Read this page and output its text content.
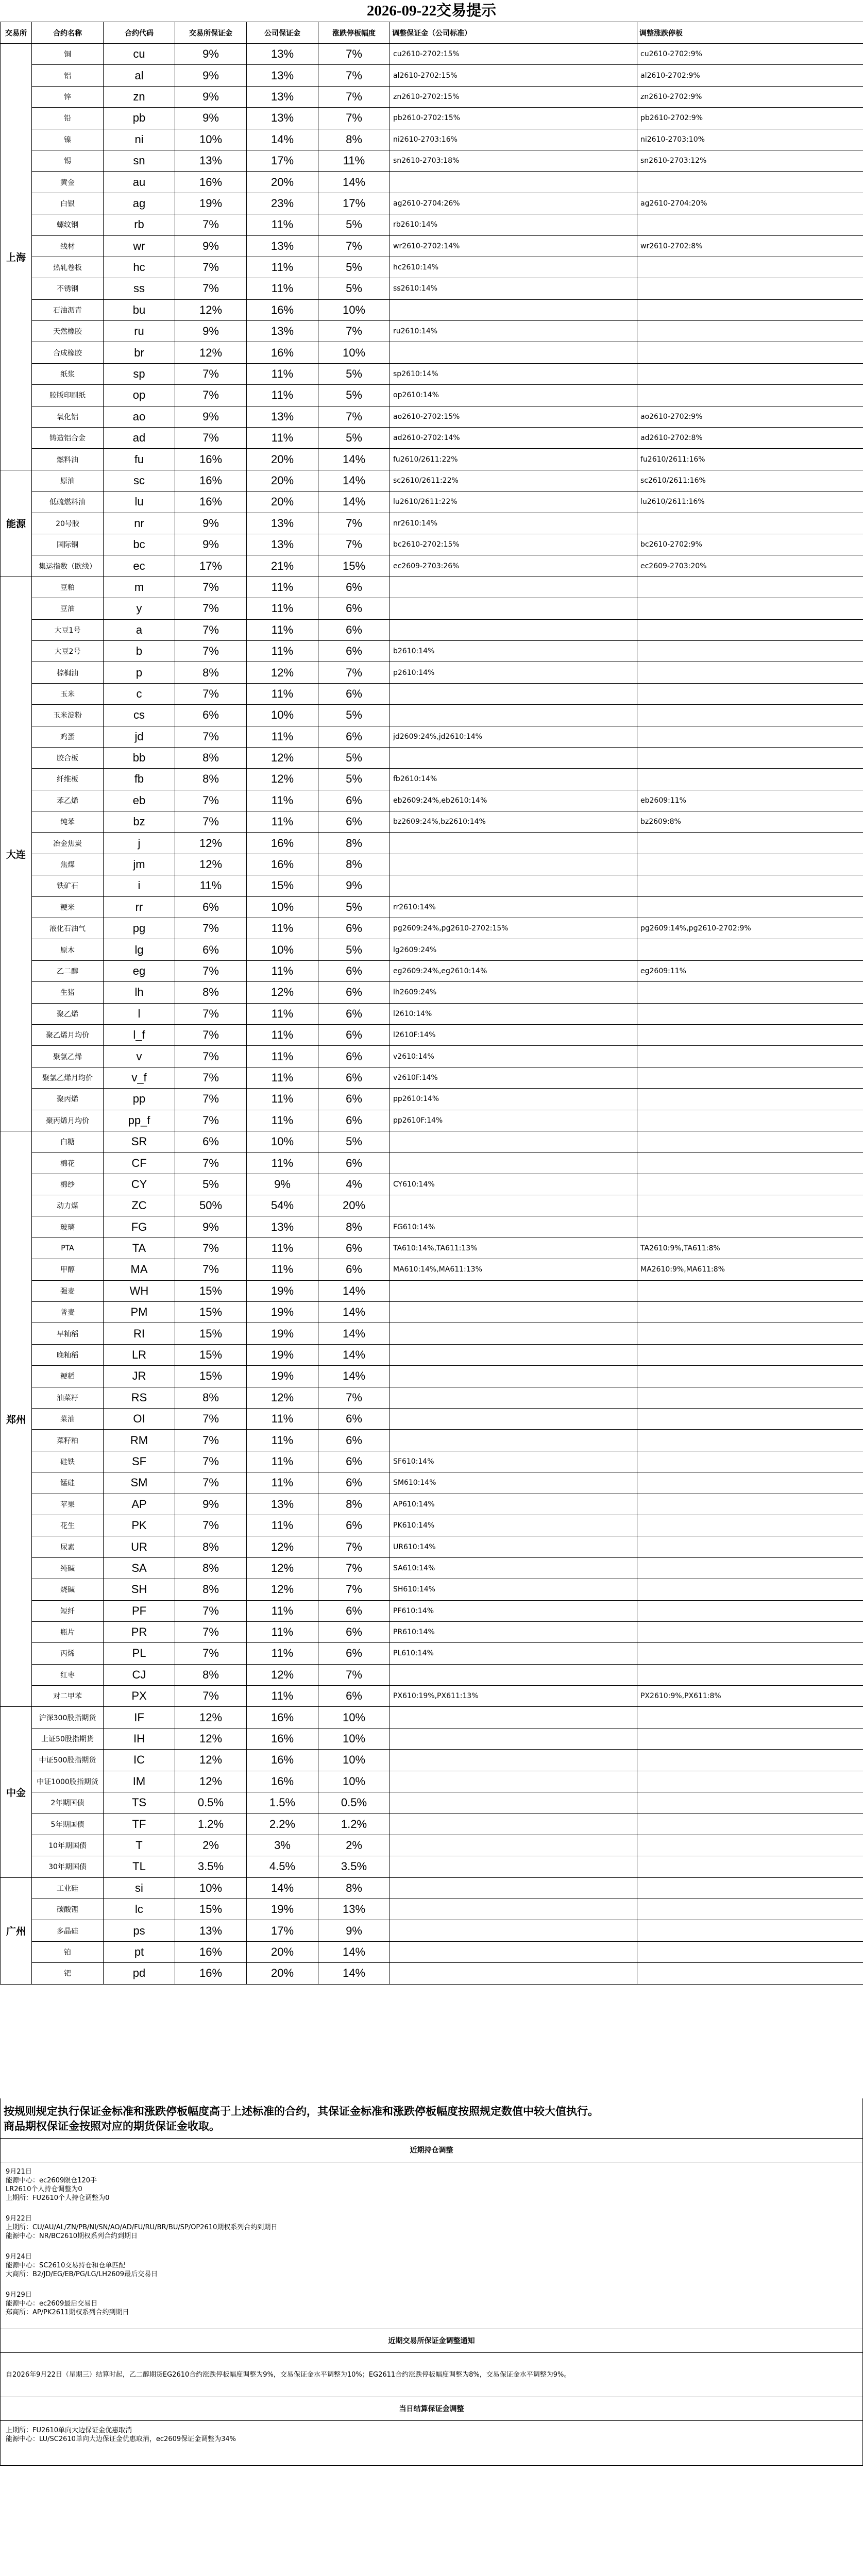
2026-09-22交易提示
交易所	合约名称	合约代码	交易所保证金	公司保证金	涨跌停板幅度	调整保证金（公司标准）	调整涨跌停板
上海	铜	cu	9%	13%	7%	cu2610-2702:15%	cu2610-2702:9%
	铝	al	9%	13%	7%	al2610-2702:15%	al2610-2702:9%
	锌	zn	9%	13%	7%	zn2610-2702:15%	zn2610-2702:9%
	铅	pb	9%	13%	7%	pb2610-2702:15%	pb2610-2702:9%
	镍	ni	10%	14%	8%	ni2610-2703:16%	ni2610-2703:10%
	锡	sn	13%	17%	11%	sn2610-2703:18%	sn2610-2703:12%
	黄金	au	16%	20%	14%		
	白银	ag	19%	23%	17%	ag2610-2704:26%	ag2610-2704:20%
	螺纹钢	rb	7%	11%	5%	rb2610:14%	
	线材	wr	9%	13%	7%	wr2610-2702:14%	wr2610-2702:8%
	热轧卷板	hc	7%	11%	5%	hc2610:14%	
	不锈钢	ss	7%	11%	5%	ss2610:14%	
	石油沥青	bu	12%	16%	10%		
	天然橡胶	ru	9%	13%	7%	ru2610:14%	
	合成橡胶	br	12%	16%	10%		
	纸浆	sp	7%	11%	5%	sp2610:14%	
	胶版印刷纸	op	7%	11%	5%	op2610:14%	
	氧化铝	ao	9%	13%	7%	ao2610-2702:15%	ao2610-2702:9%
	铸造铝合金	ad	7%	11%	5%	ad2610-2702:14%	ad2610-2702:8%
	燃料油	fu	16%	20%	14%	fu2610/2611:22%	fu2610/2611:16%
能源	原油	sc	16%	20%	14%	sc2610/2611:22%	sc2610/2611:16%
	低硫燃料油	lu	16%	20%	14%	lu2610/2611:22%	lu2610/2611:16%
	20号胶	nr	9%	13%	7%	nr2610:14%	
	国际铜	bc	9%	13%	7%	bc2610-2702:15%	bc2610-2702:9%
	集运指数（欧线）	ec	17%	21%	15%	ec2609-2703:26%	ec2609-2703:20%
大连	豆粕	m	7%	11%	6%		
	豆油	y	7%	11%	6%		
	大豆1号	a	7%	11%	6%		
	大豆2号	b	7%	11%	6%	b2610:14%	
	棕榈油	p	8%	12%	7%	p2610:14%	
	玉米	c	7%	11%	6%		
	玉米淀粉	cs	6%	10%	5%		
	鸡蛋	jd	7%	11%	6%	jd2609:24%,jd2610:14%	
	胶合板	bb	8%	12%	5%		
	纤维板	fb	8%	12%	5%	fb2610:14%	
	苯乙烯	eb	7%	11%	6%	eb2609:24%,eb2610:14%	eb2609:11%
	纯苯	bz	7%	11%	6%	bz2609:24%,bz2610:14%	bz2609:8%
	冶金焦炭	j	12%	16%	8%		
	焦煤	jm	12%	16%	8%		
	铁矿石	i	11%	15%	9%		
	粳米	rr	6%	10%	5%	rr2610:14%	
	液化石油气	pg	7%	11%	6%	pg2609:24%,pg2610-2702:15%	pg2609:14%,pg2610-2702:9%
	原木	lg	6%	10%	5%	lg2609:24%	
	乙二醇	eg	7%	11%	6%	eg2609:24%,eg2610:14%	eg2609:11%
	生猪	lh	8%	12%	6%	lh2609:24%	
	聚乙烯	l	7%	11%	6%	l2610:14%	
	聚乙烯月均价	l_f	7%	11%	6%	l2610F:14%	
	聚氯乙烯	v	7%	11%	6%	v2610:14%	
	聚氯乙烯月均价	v_f	7%	11%	6%	v2610F:14%	
	聚丙烯	pp	7%	11%	6%	pp2610:14%	
	聚丙烯月均价	pp_f	7%	11%	6%	pp2610F:14%	
郑州	白糖	SR	6%	10%	5%		
	棉花	CF	7%	11%	6%		
	棉纱	CY	5%	9%	4%	CY610:14%	
	动力煤	ZC	50%	54%	20%		
	玻璃	FG	9%	13%	8%	FG610:14%	
	PTA	TA	7%	11%	6%	TA610:14%,TA611:13%	TA2610:9%,TA611:8%
	甲醇	MA	7%	11%	6%	MA610:14%,MA611:13%	MA2610:9%,MA611:8%
	强麦	WH	15%	19%	14%		
	普麦	PM	15%	19%	14%		
	早籼稻	RI	15%	19%	14%		
	晚籼稻	LR	15%	19%	14%		
	粳稻	JR	15%	19%	14%		
	油菜籽	RS	8%	12%	7%		
	菜油	OI	7%	11%	6%		
	菜籽粕	RM	7%	11%	6%		
	硅铁	SF	7%	11%	6%	SF610:14%	
	锰硅	SM	7%	11%	6%	SM610:14%	
	苹果	AP	9%	13%	8%	AP610:14%	
	花生	PK	7%	11%	6%	PK610:14%	
	尿素	UR	8%	12%	7%	UR610:14%	
	纯碱	SA	8%	12%	7%	SA610:14%	
	烧碱	SH	8%	12%	7%	SH610:14%	
	短纤	PF	7%	11%	6%	PF610:14%	
	瓶片	PR	7%	11%	6%	PR610:14%	
	丙烯	PL	7%	11%	6%	PL610:14%	
	红枣	CJ	8%	12%	7%		
	对二甲苯	PX	7%	11%	6%	PX610:19%,PX611:13%	PX2610:9%,PX611:8%
中金	沪深300股指期货	IF	12%	16%	10%		
	上证50股指期货	IH	12%	16%	10%		
	中证500股指期货	IC	12%	16%	10%		
	中证1000股指期货	IM	12%	16%	10%		
	2年期国债	TS	0.5%	1.5%	0.5%		
	5年期国债	TF	1.2%	2.2%	1.2%		
	10年期国债	T	2%	3%	2%		
	30年期国债	TL	3.5%	4.5%	3.5%		
广州	工业硅	si	10%	14%	8%		
	碳酸锂	lc	15%	19%	13%		
	多晶硅	ps	13%	17%	9%		
	铂	pt	16%	20%	14%		
	钯	pd	16%	20%	14%		
按规则规定执行保证金标准和涨跌停板幅度高于上述标准的合约，其保证金标准和涨跌停板幅度按照规定数值中较大值执行。
商品期权保证金按照对应的期货保证金收取。
近期持仓调整
9月21日
能源中心：ec2609限仓120手
LR2610个人持仓调整为0
上期所：FU2610个人持仓调整为0
9月22日
上期所：CU/AU/AL/ZN/PB/NI/SN/AO/AD/FU/RU/BR/BU/SP/OP2610期权系列合约到期日
能源中心：NR/BC2610期权系列合约到期日
9月24日
能源中心：SC2610交易持仓和仓单匹配
大商所：B2/JD/EG/EB/PG/LG/LH2609最后交易日
9月29日
能源中心：ec2609最后交易日
郑商所：AP/PK2611期权系列合约到期日
近期交易所保证金调整通知
自2026年9月22日（星期三）结算时起，乙二醇期货EG2610合约涨跌停板幅度调整为9%，交易保证金水平调整为10%；EG2611合约涨跌停板幅度调整为8%，交易保证金水平调整为9%。
当日结算保证金调整
上期所：FU2610单向大边保证金优惠取消
能源中心：LU/SC2610单向大边保证金优惠取消，ec2609保证金调整为34%
